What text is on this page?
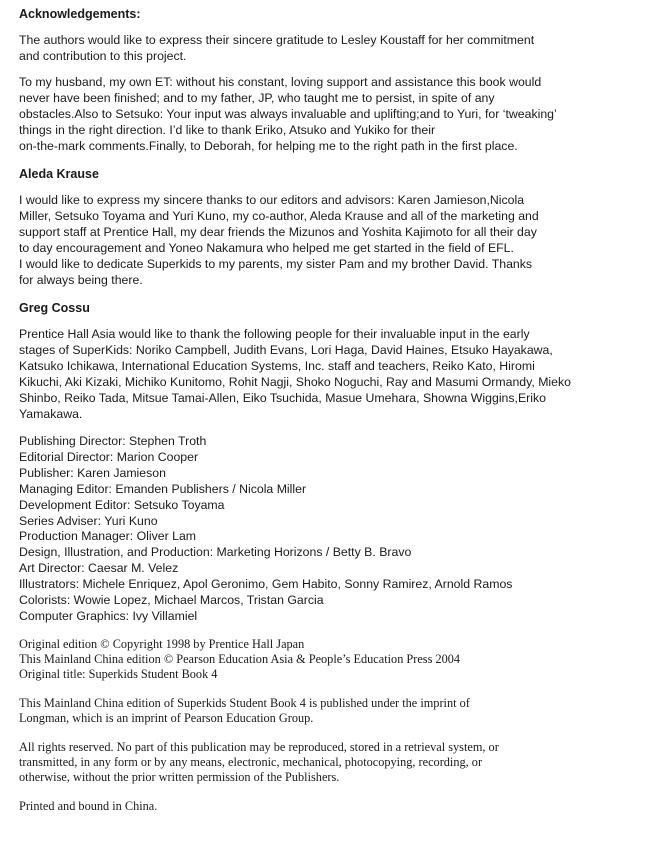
Acknowledgements:

The authors would like to express their sincere gratitude to Lesley Koustaff for her commitment
and contribution to this project.

To my husband, my own ET: without his constant, loving support and assistance this book would
never have been finished; and to my father, JP, who taught me to persist, in spite of any
obstacles.Also to Setsuko: Your input was always invaluable and uplifting;and to Yuri, for ‘tweaking’
things in the right direction. I’d like to thank Eriko, Atsuko and Yukiko for their
on-the-mark comments.Finally, to Deborah, for helping me to the right path in the first place.

Aleda Krause

I would like to express my sincere thanks to our editors and advisors: Karen Jamieson,Nicola
Miller, Setsuko Toyama and Yuri Kuno, my co-author, Aleda Krause and all of the marketing and
support staff at Prentice Hall, my dear friends the Mizunos and Yoshita Kajimoto for all their day
to day encouragement and Yoneo Nakamura who helped me get started in the field of EFL.
I would like to dedicate Superkids to my parents, my sister Pam and my brother David. Thanks
for always being there.

Greg Cossu

Prentice Hall Asia would like to thank the following people for their invaluable input in the early
stages of SuperKids: Noriko Campbell, Judith Evans, Lori Haga, David Haines, Etsuko Hayakawa,
Katsuko Ichikawa, International Education Systems, Inc. staff and teachers, Reiko Kato, Hiromi
Kikuchi, Aki Kizaki, Michiko Kunitomo, Rohit Nagji, Shoko Noguchi, Ray and Masumi Ormandy, Mieko
Shinbo, Reiko Tada, Mitsue Tamai-Allen, Eiko Tsuchida, Masue Umehara, Showna Wiggins,Eriko
Yamakawa.

Publishing Director: Stephen Troth
Editorial Director: Marion Cooper
Publisher: Karen Jamieson
Managing Editor: Emanden Publishers / Nicola Miller
Development Editor: Setsuko Toyama
Series Adviser: Yuri Kuno
Production Manager: Oliver Lam
Design, Illustration, and Production: Marketing Horizons / Betty B. Bravo
Art Director: Caesar M. Velez
Illustrators: Michele Enriquez, Apol Geronimo, Gem Habito, Sonny Ramirez, Arnold Ramos
Colorists: Wowie Lopez, Michael Marcos, Tristan Garcia
Computer Graphics: Ivy Villamiel

Original edition © Copyright 1998 by Prentice Hall Japan
This Mainland China edition © Pearson Education Asia & People’s Education Press 2004
Original title: Superkids Student Book 4

This Mainland China edition of Superkids Student Book 4 is published under the imprint of
Longman, which is an imprint of Pearson Education Group.

All rights reserved. No part of this publication may be reproduced, stored in a retrieval system, or
transmitted, in any form or by any means, electronic, mechanical, photocopying, recording, or
otherwise, without the prior written permission of the Publishers.

Printed and bound in China.
